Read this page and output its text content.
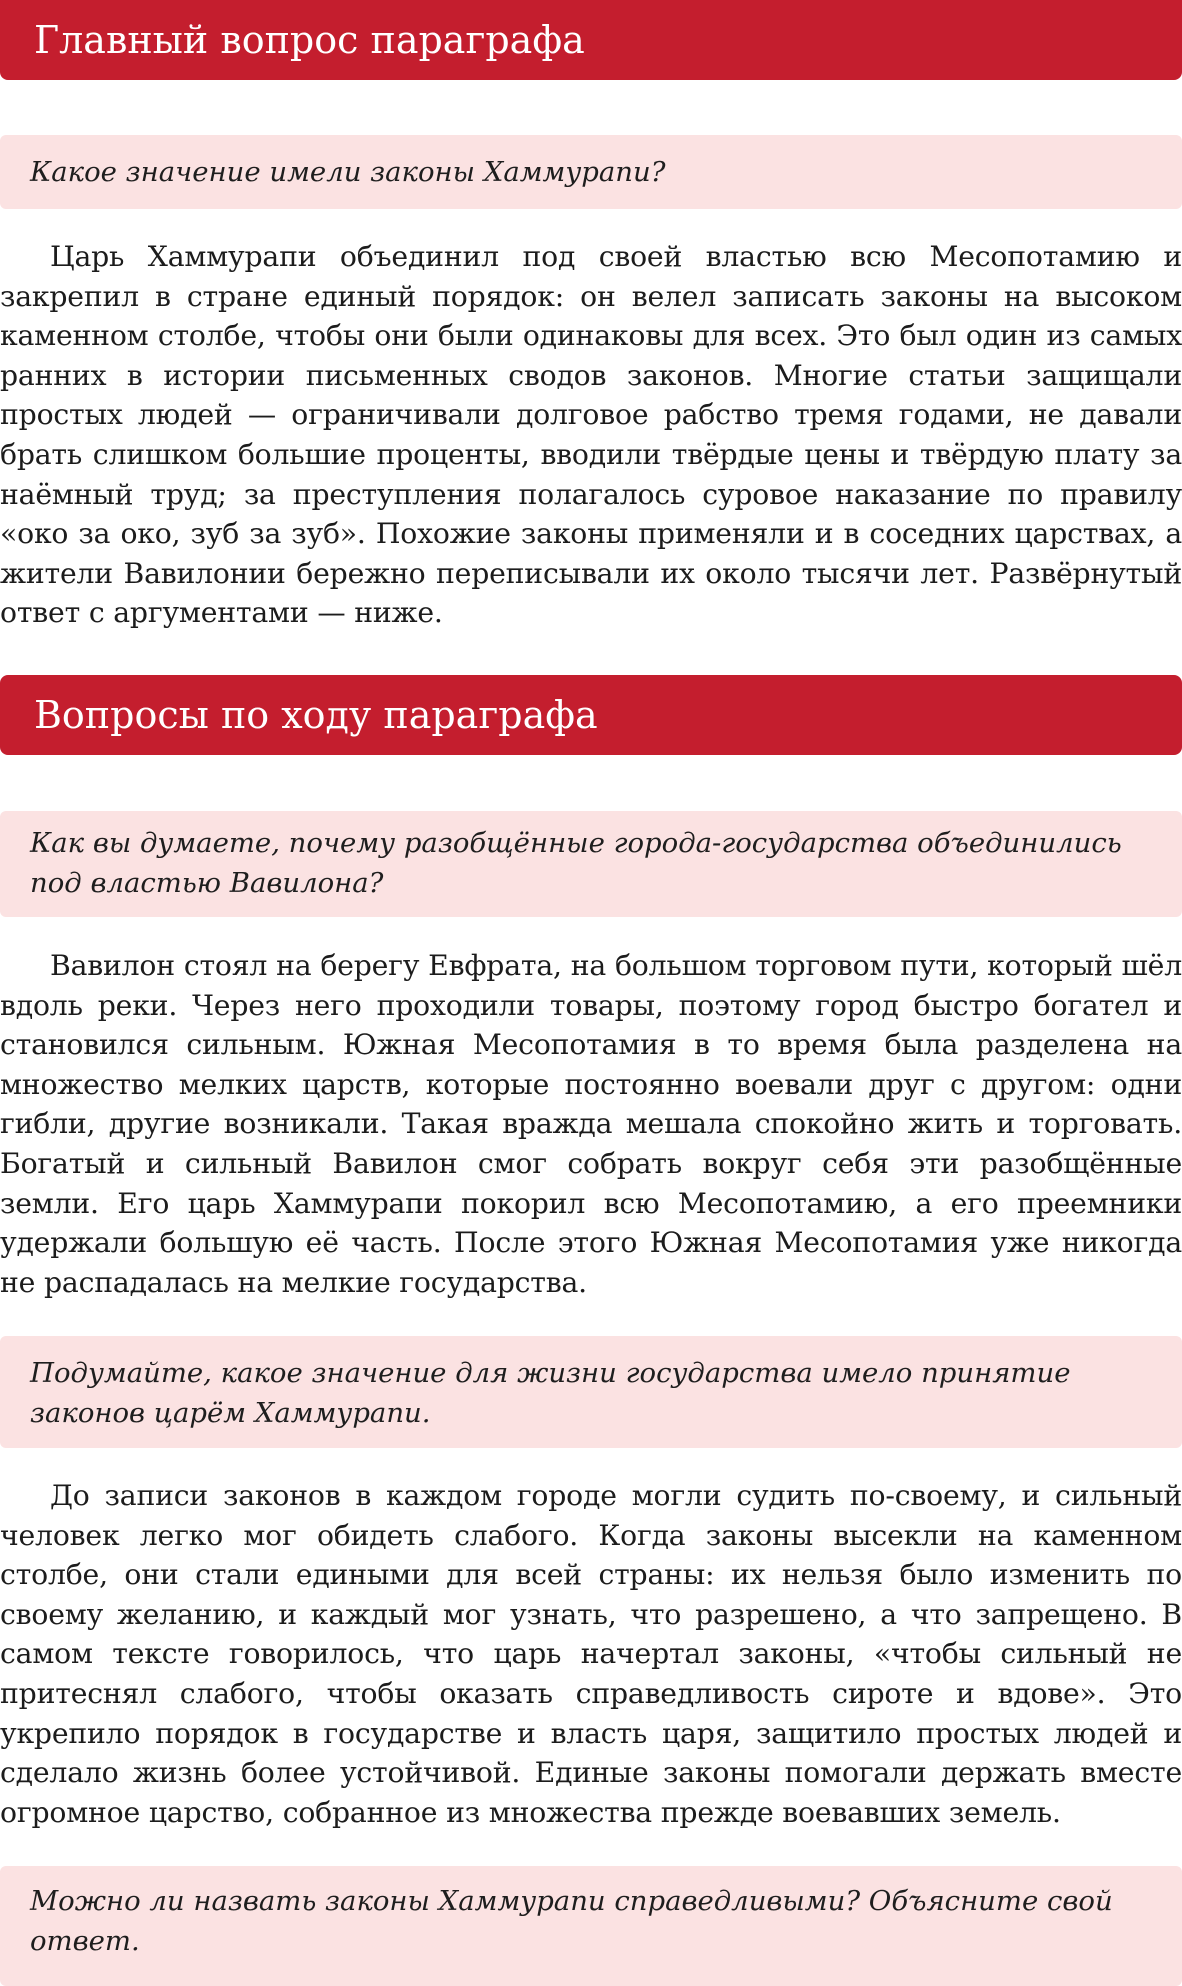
Главный вопрос параграфа
Какое значение имели законы Хаммурапи?

Царь Хаммурапи объединил под своей властью всю Месопотамию и закрепил в стране единый порядок: он велел записать законы на высоком каменном столбе, чтобы они были одинаковы для всех. Это был один из самых ранних в истории письменных сводов законов. Многие статьи защищали простых людей — ограничивали долговое рабство тремя годами, не давали брать слишком большие проценты, вводили твёрдые цены и твёрдую плату за наёмный труд; за преступления полагалось суровое наказание по правилу «око за око, зуб за зуб». Похожие законы применяли и в соседних царствах, а жители Вавилонии бережно переписывали их около тысячи лет. Развёрнутый ответ с аргументами — ниже.

Вопросы по ходу параграфа
Как вы думаете, почему разобщённые города-государства объединились под властью Вавилона?

Вавилон стоял на берегу Евфрата, на большом торговом пути, который шёл вдоль реки. Через него проходили товары, поэтому город быстро богател и становился сильным. Южная Месопотамия в то время была разделена на множество мелких царств, которые постоянно воевали друг с другом: одни гибли, другие возникали. Такая вражда мешала спокойно жить и торговать. Богатый и сильный Вавилон смог собрать вокруг себя эти разобщённые земли. Его царь Хаммурапи покорил всю Месопотамию, а его преемники удержали большую её часть. После этого Южная Месопотамия уже никогда не распадалась на мелкие государства.

Подумайте, какое значение для жизни государства имело принятие законов царём Хаммурапи.

До записи законов в каждом городе могли судить по-своему, и сильный человек легко мог обидеть слабого. Когда законы высекли на каменном столбе, они стали едиными для всей страны: их нельзя было изменить по своему желанию, и каждый мог узнать, что разрешено, а что запрещено. В самом тексте говорилось, что царь начертал законы, «чтобы сильный не притеснял слабого, чтобы оказать справедливость сироте и вдове». Это укрепило порядок в государстве и власть царя, защитило простых людей и сделало жизнь более устойчивой. Единые законы помогали держать вместе огромное царство, собранное из множества прежде воевавших земель.

Можно ли назвать законы Хаммурапи справедливыми? Объясните свой ответ.
